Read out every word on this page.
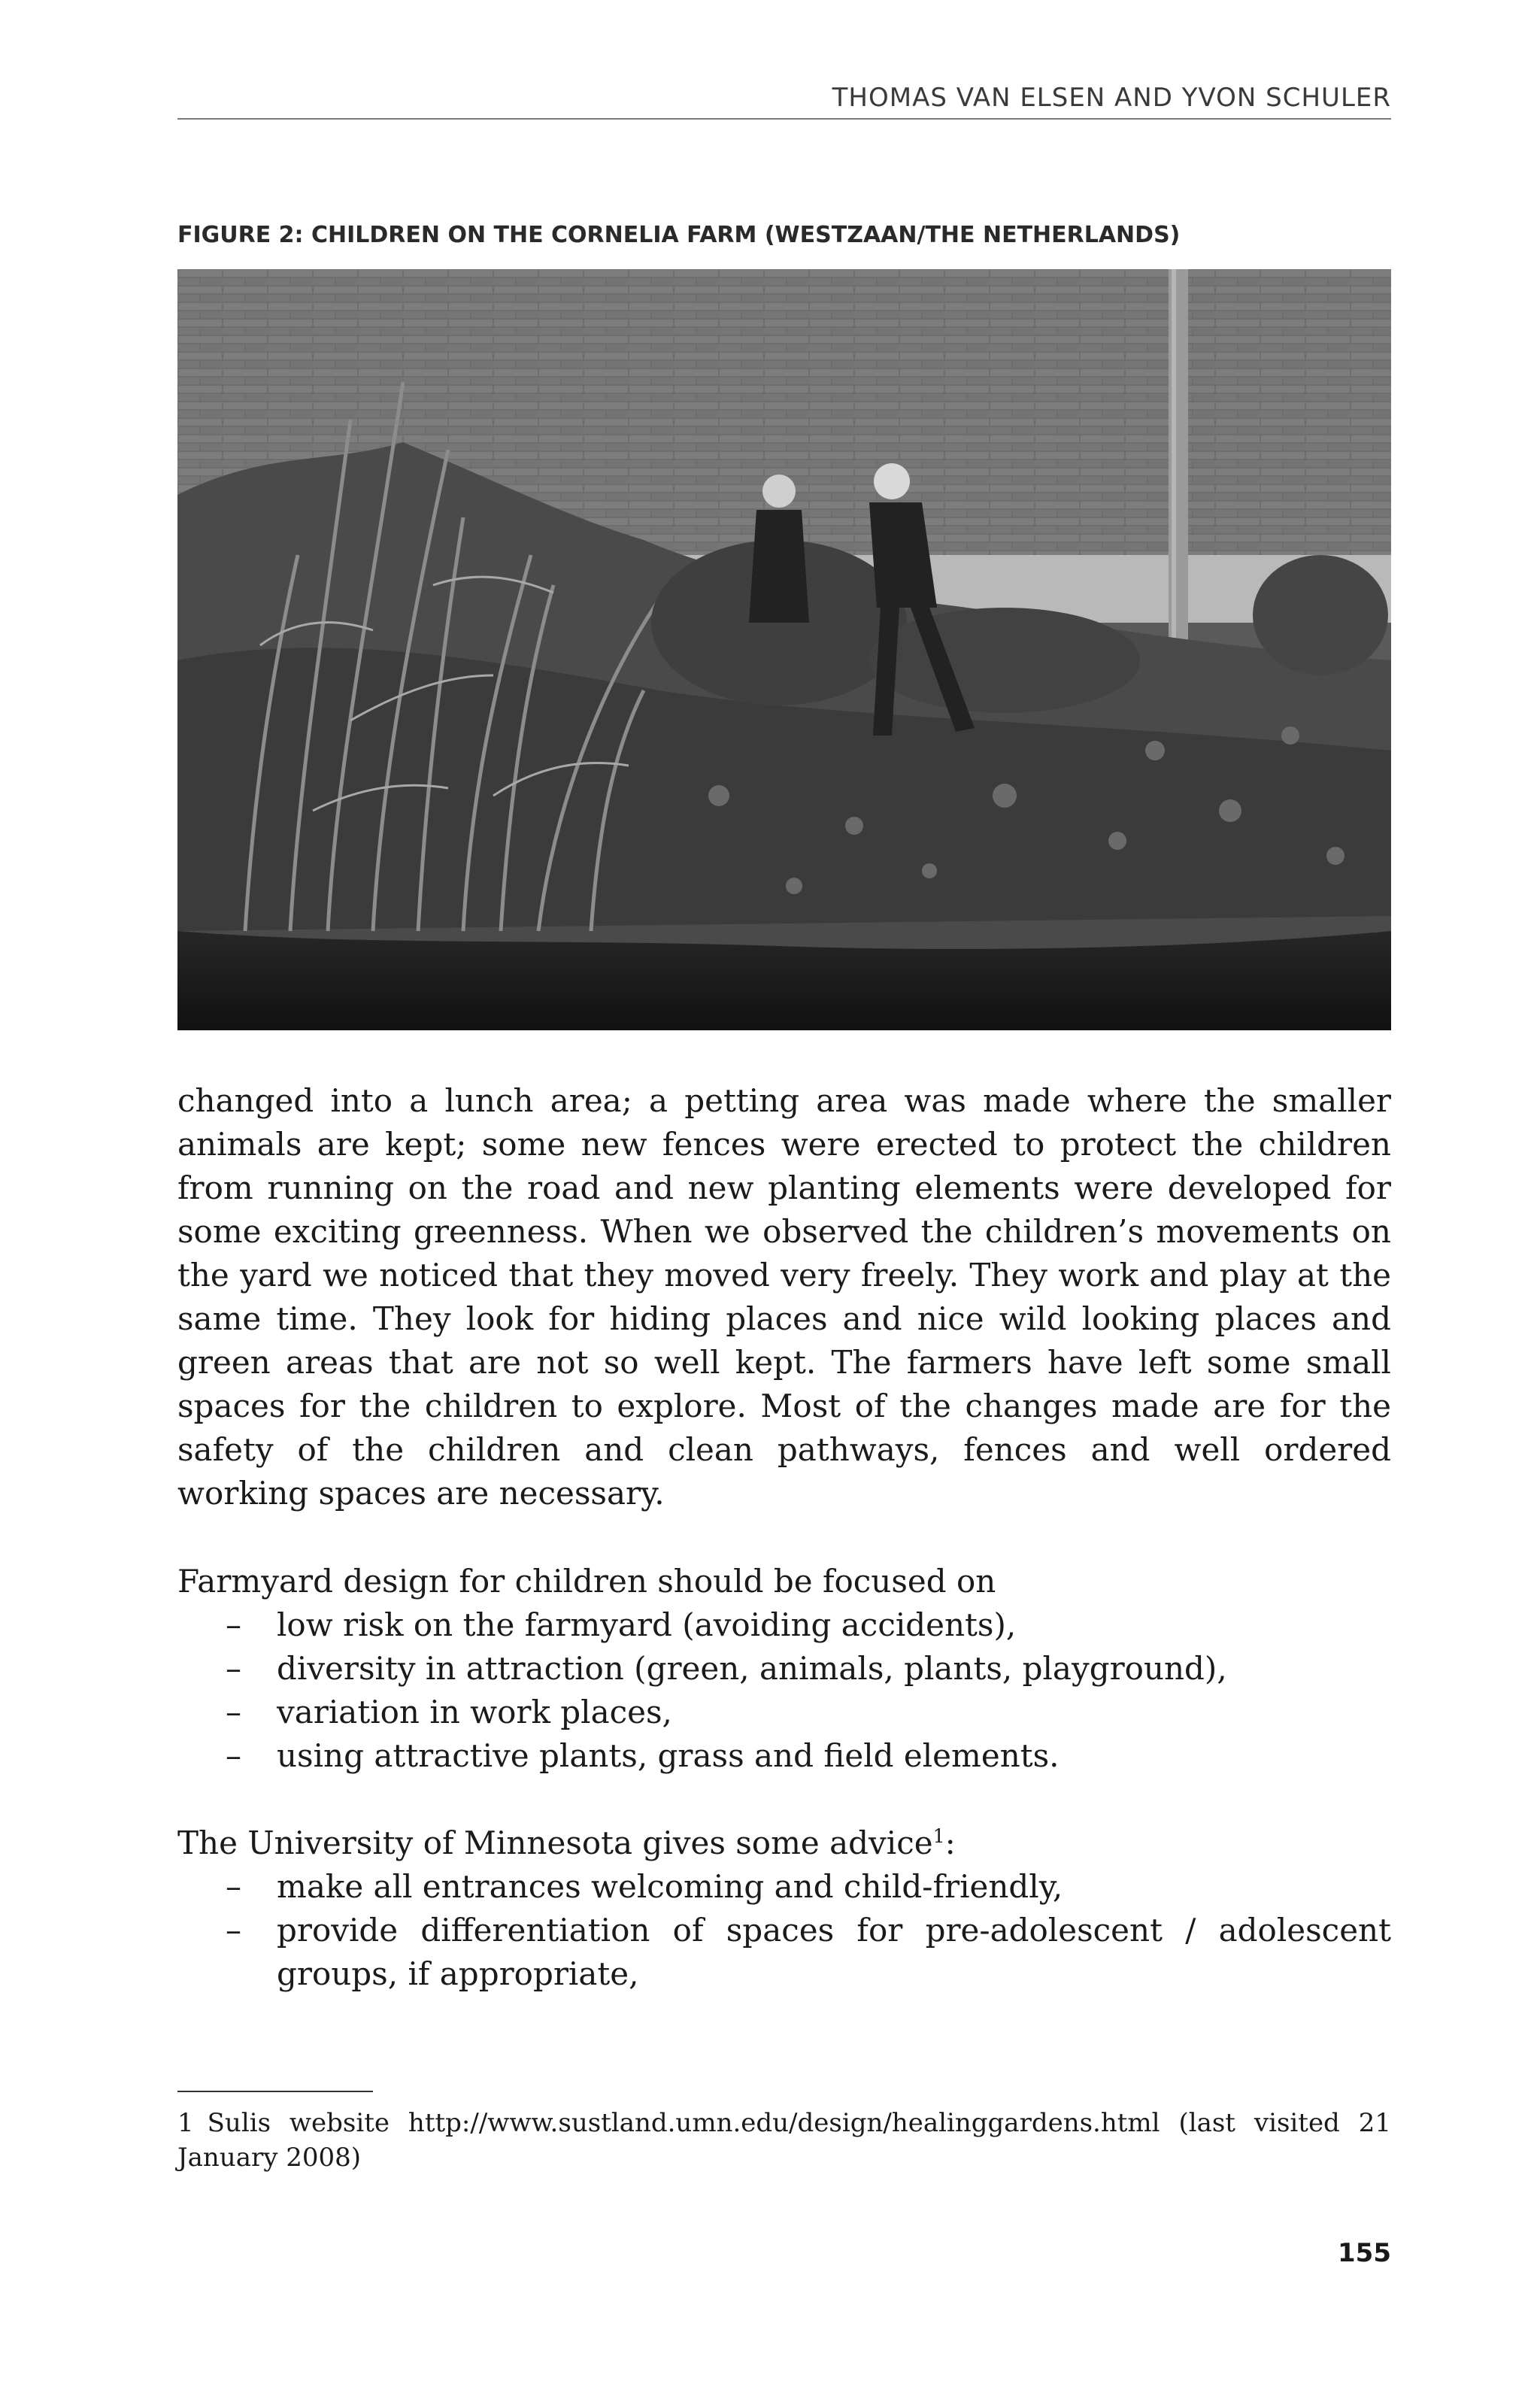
THOMAS VAN ELSEN AND YVON SCHULER
FIGURE 2: CHILDREN ON THE CORNELIA FARM (WESTZAAN/THE NETHERLANDS)

changed into a lunch area; a petting area was made where the smaller animals are kept; some new fences were erected to protect the children from running on the road and new planting elements were developed for some exciting greenness. When we observed the children’s movements on the yard we noticed that they moved very freely. They work and play at the same time. They look for hiding places and nice wild looking places and green areas that are not so well kept. The farmers have left some small spaces for the children to explore. Most of the changes made are for the safety of the children and clean pathways, fences and well ordered working spaces are necessary.

Farmyard design for children should be focused on

– low risk on the farmyard (avoiding accidents),
– diversity in attraction (green, animals, plants, playground),
– variation in work places,
– using attractive plants, grass and field elements.

The University of Minnesota gives some advice$^1$:

– make all entrances welcoming and child-friendly,
– provide differentiation of spaces for pre-adolescent / adolescent groups, if appropriate,

1 Sulis website http://www.sustland.umn.edu/design/healinggardens.html (last visited 21 January 2008)

155
